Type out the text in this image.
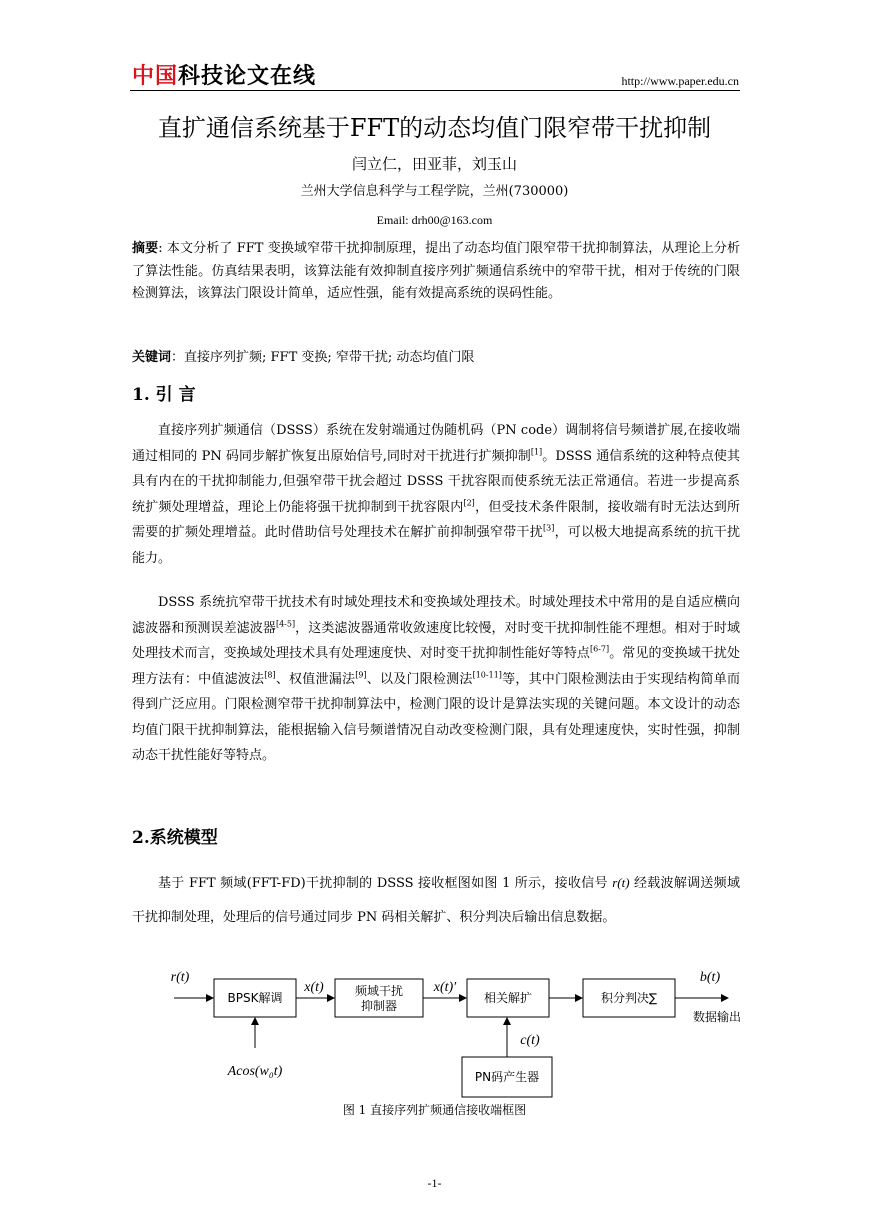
中国科技论文在线	http://www.paper.edu.cn
直扩通信系统基于FFT的动态均值门限窄带干扰抑制
闫立仁，田亚菲，刘玉山
兰州大学信息科学与工程学院，兰州(730000)
Email: drh00@163.com
摘要: 本文分析了 FFT 变换域窄带干扰抑制原理，提出了动态均值门限窄带干扰抑制算法，从理论上分析了算法性能。仿真结果表明，该算法能有效抑制直接序列扩频通信系统中的窄带干扰，相对于传统的门限检测算法，该算法门限设计简单，适应性强，能有效提高系统的误码性能。
关键词：直接序列扩频; FFT 变换; 窄带干扰; 动态均值门限
1. 引 言
直接序列扩频通信（DSSS）系统在发射端通过伪随机码（PN code）调制将信号频谱扩展,在接收端通过相同的 PN 码同步解扩恢复出原始信号,同时对干扰进行扩频抑制[1]。DSSS 通信系统的这种特点使其具有内在的干扰抑制能力,但强窄带干扰会超过 DSSS 干扰容限而使系统无法正常通信。若进一步提高系统扩频处理增益，理论上仍能将强干扰抑制到干扰容限内[2]，但受技术条件限制，接收端有时无法达到所需要的扩频处理增益。此时借助信号处理技术在解扩前抑制强窄带干扰[3]，可以极大地提高系统的抗干扰能力。
DSSS 系统抗窄带干扰技术有时域处理技术和变换域处理技术。时域处理技术中常用的是自适应横向滤波器和预测误差滤波器[4-5]，这类滤波器通常收敛速度比较慢，对时变干扰抑制性能不理想。相对于时域处理技术而言，变换域处理技术具有处理速度快、对时变干扰抑制性能好等特点[6-7]。常见的变换域干扰处理方法有：中值滤波法[8]、权值泄漏法[9]、以及门限检测法[10-11]等，其中门限检测法由于实现结构简单而得到广泛应用。门限检测窄带干扰抑制算法中，检测门限的设计是算法实现的关键问题。本文设计的动态均值门限干扰抑制算法，能根据输入信号频谱情况自动改变检测门限，具有处理速度快，实时性强，抑制动态干扰性能好等特点。
2.系统模型
基于 FFT 频域(FFT-FD)干扰抑制的 DSSS 接收框图如图 1 所示，接收信号 r(t) 经载波解调送频域干扰抑制处理，处理后的信号通过同步 PN 码相关解扩、积分判决后输出信息数据。
BPSK解调	频域干扰
抑制器
相关解扩	积分判决∑
PN码产生器
数据输出
r(t)
x(t)	x(t)′
b(t)
c(t)
Acos(w₀t)
图 1 直接序列扩频通信接收端框图
-1-
